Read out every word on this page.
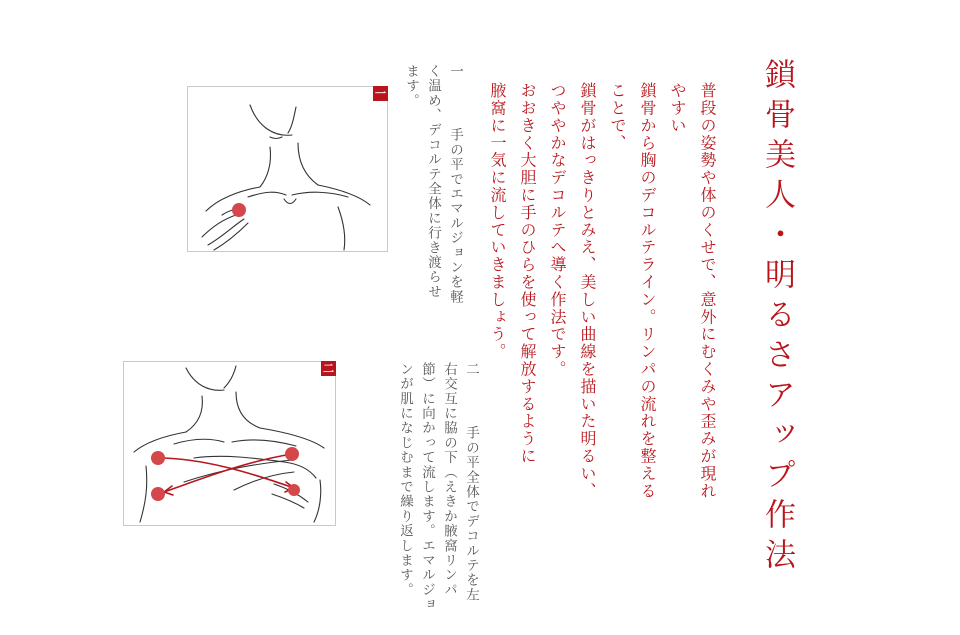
鎖骨美人・明るさアップ作法
普段の姿勢や体のくせで、意外にむくみや歪みが現れやすい
鎖骨から胸のデコルテライン。リンパの流れを整えることで、
鎖骨がはっきりとみえ、美しい曲線を描いた明るい、
つややかなデコルテへ導く作法です。
おおきく大胆に手のひらを使って解放するように
腋窩に一気に流していきましょう。
一 　 手の平でエマルジョンを軽く温め、デコルテ全体に行き渡らせます。
二 　 手の平全体でデコルテを左右交互に脇の下（えきか腋窩リンパ節）に向かって流します。エマルジョンが肌になじむまで繰り返します。
一
二
